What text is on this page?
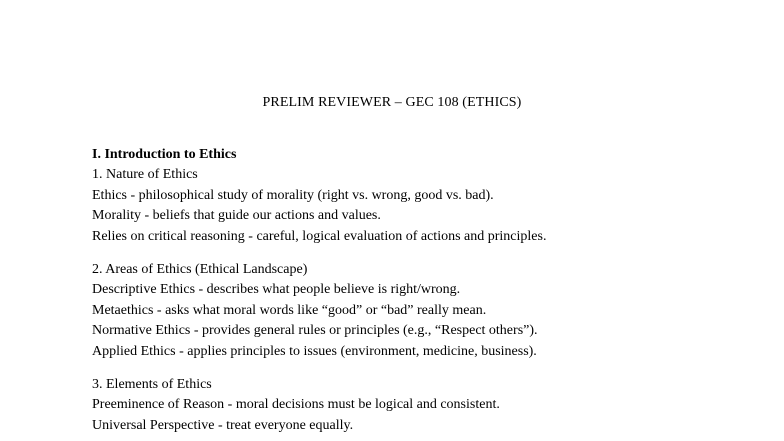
PRELIM REVIEWER – GEC 108 (ETHICS)
I. Introduction to Ethics
1. Nature of Ethics
Ethics - philosophical study of morality (right vs. wrong, good vs. bad).
Morality - beliefs that guide our actions and values.
Relies on critical reasoning - careful, logical evaluation of actions and principles.
2. Areas of Ethics (Ethical Landscape)
Descriptive Ethics - describes what people believe is right/wrong.
Metaethics - asks what moral words like “good” or “bad” really mean.
Normative Ethics - provides general rules or principles (e.g., “Respect others”).
Applied Ethics - applies principles to issues (environment, medicine, business).
3. Elements of Ethics
Preeminence of Reason - moral decisions must be logical and consistent.
Universal Perspective - treat everyone equally.
